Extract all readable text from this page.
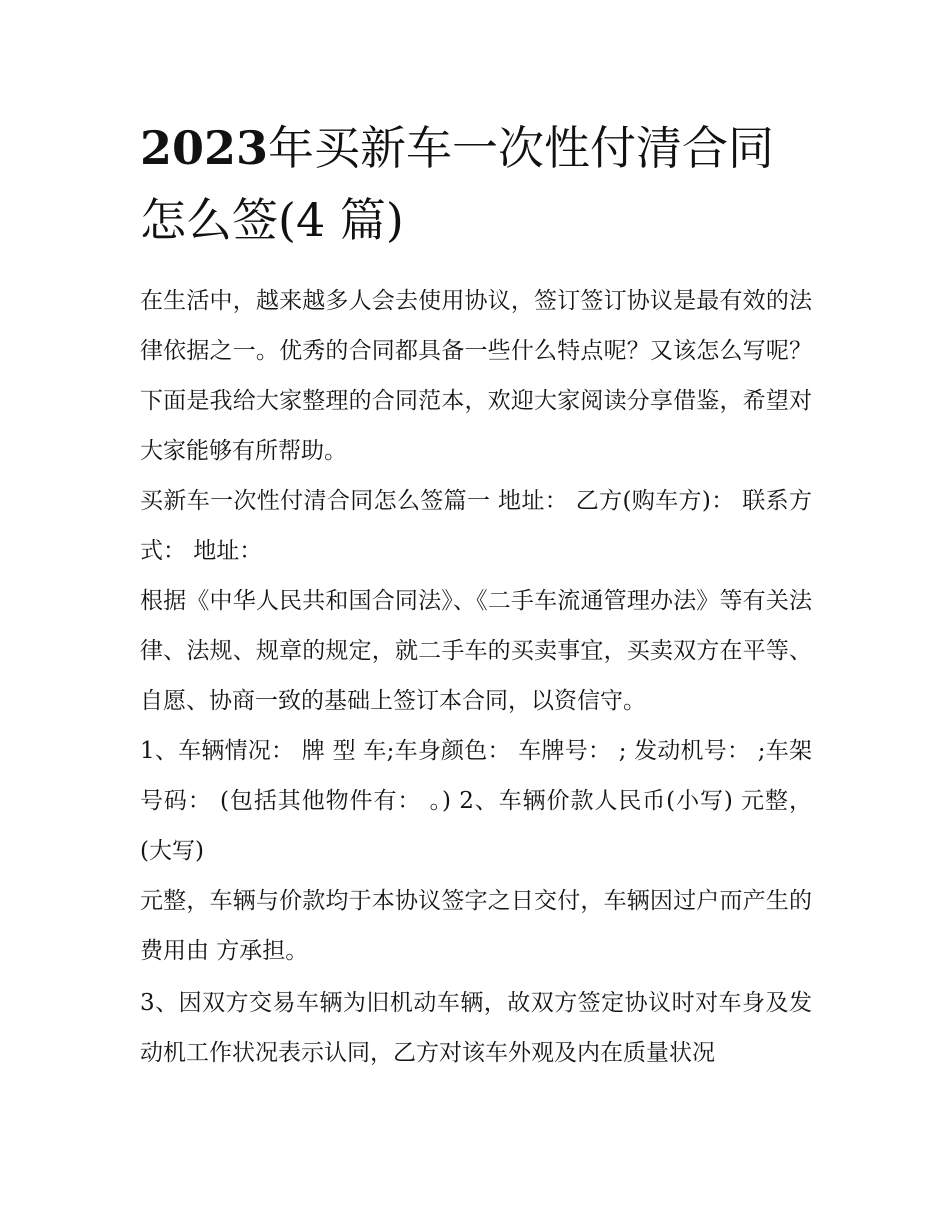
2023年买新车一次性付清合同怎么签(4 篇)

在生活中，越来越多人会去使用协议，签订签订协议是最有效的法律依据之一。优秀的合同都具备一些什么特点呢？又该怎么写呢？下面是我给大家整理的合同范本，欢迎大家阅读分享借鉴，希望对大家能够有所帮助。

买新车一次性付清合同怎么签篇一 地址： 乙方(购车方)： 联系方式： 地址：

根据《中华人民共和国合同法》、《二手车流通管理办法》等有关法律、法规、规章的规定，就二手车的买卖事宜，买卖双方在平等、自愿、协商一致的基础上签订本合同，以资信守。

1、车辆情况： 牌 型 车;车身颜色： 车牌号： ; 发动机号： ;车架号码： (包括其他物件有： 。) 2、车辆价款人民币(小写) 元整，(大写)

元整，车辆与价款均于本协议签字之日交付，车辆因过户而产生的费用由 方承担。

3、因双方交易车辆为旧机动车辆，故双方签定协议时对车身及发动机工作状况表示认同，乙方对该车外观及内在质量状况
